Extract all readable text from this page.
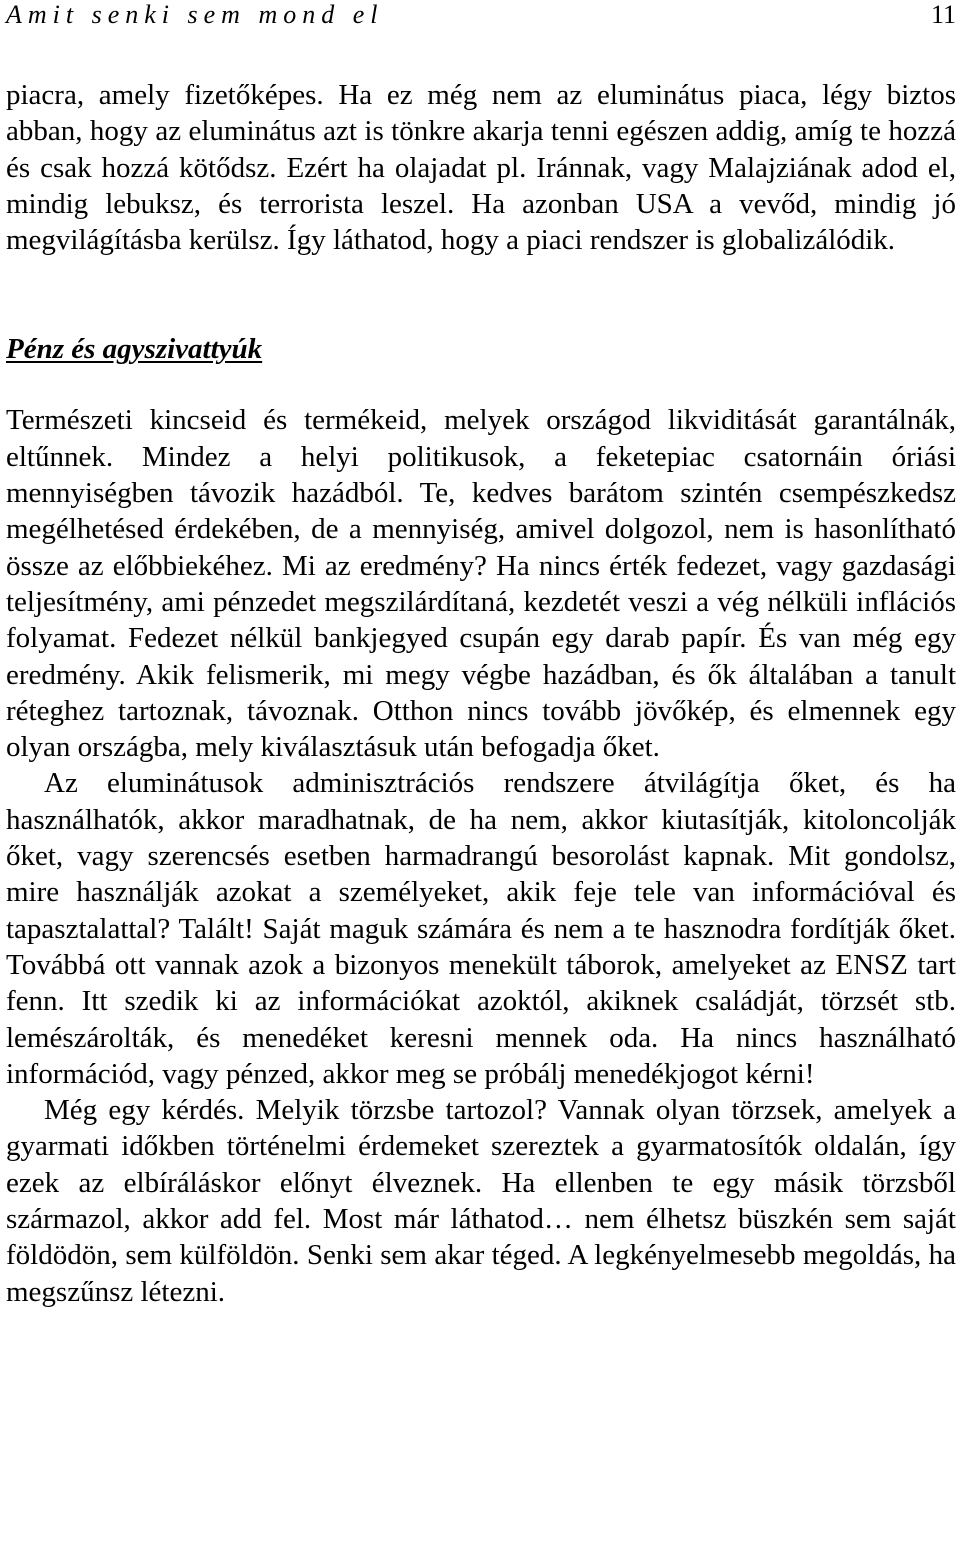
Amit senki sem mond el	11

piacra, amely fizetőképes. Ha ez még nem az eluminátus piaca, légy biztos abban, hogy az eluminátus azt is tönkre akarja tenni egészen addig, amíg te hozzá és csak hozzá kötődsz. Ezért ha olajadat pl. Iránnak, vagy Malajziának adod el, mindig lebuksz, és terrorista leszel. Ha azonban USA a vevőd, mindig jó megvilágításba kerülsz. Így láthatod, hogy a piaci rendszer is globalizálódik.

Pénz és agyszivattyúk

Természeti kincseid és termékeid, melyek országod likviditását garantálnák, eltűnnek. Mindez a helyi politikusok, a feketepiac csatornáin óriási mennyiségben távozik hazádból. Te, kedves barátom szintén csempészkedsz megélhetésed érdekében, de a mennyiség, amivel dolgozol, nem is hasonlítható össze az előbbiekéhez. Mi az eredmény? Ha nincs érték fedezet, vagy gazdasági teljesítmény, ami pénzedet megszilárdítaná, kezdetét veszi a vég nélküli inflációs folyamat. Fedezet nélkül bankjegyed csupán egy darab papír. És van még egy eredmény. Akik felismerik, mi megy végbe hazádban, és ők általában a tanult réteghez tartoznak, távoznak. Otthon nincs tovább jövőkép, és elmennek egy olyan országba, mely kiválasztásuk után befogadja őket.

Az eluminátusok adminisztrációs rendszere átvilágítja őket, és ha használhatók, akkor maradhatnak, de ha nem, akkor kiutasítják, kitoloncolják őket, vagy szerencsés esetben harmadrangú besorolást kapnak. Mit gondolsz, mire használják azokat a személyeket, akik feje tele van információval és tapasztalattal? Talált! Saját maguk számára és nem a te hasznodra fordítják őket. Továbbá ott vannak azok a bizonyos menekült táborok, amelyeket az ENSZ tart fenn. Itt szedik ki az információkat azoktól, akiknek családját, törzsét stb. lemészárolták, és menedéket keresni mennek oda. Ha nincs használható információd, vagy pénzed, akkor meg se próbálj menedékjogot kérni!

Még egy kérdés. Melyik törzsbe tartozol? Vannak olyan törzsek, amelyek a gyarmati időkben történelmi érdemeket szereztek a gyarmatosítók oldalán, így ezek az elbíráláskor előnyt élveznek. Ha ellenben te egy másik törzsből származol, akkor add fel. Most már láthatod… nem élhetsz büszkén sem saját földödön, sem külföldön. Senki sem akar téged. A legkényelmesebb megoldás, ha megszűnsz létezni.
